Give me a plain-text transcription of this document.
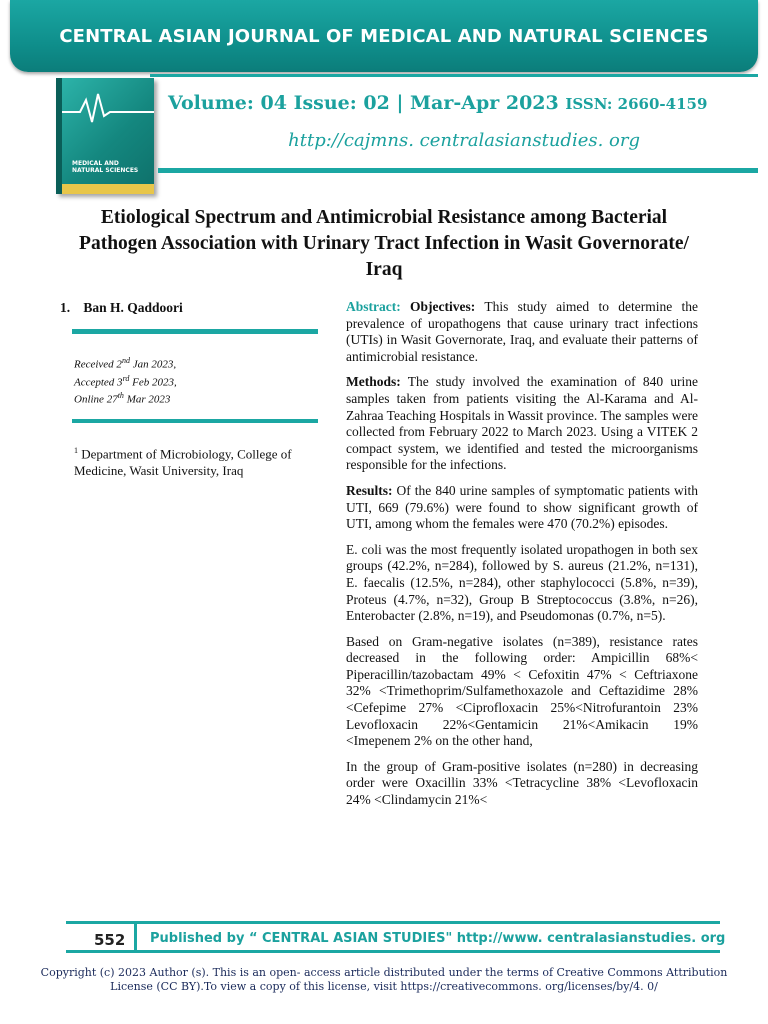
CENTRAL ASIAN JOURNAL OF MEDICAL AND NATURAL SCIENCES
MEDICAL AND NATURAL SCIENCES
Volume: 04 Issue: 02 | Mar-Apr 2023 ISSN: 2660-4159
http://cajmns. centralasianstudies. org
Etiological Spectrum and Antimicrobial Resistance among Bacterial Pathogen Association with Urinary Tract Infection in Wasit Governorate/ Iraq
1. Ban H. Qaddoori
Received 2nd Jan 2023,
Accepted 3rd Feb 2023,
Online 27th Mar 2023
$^1$ Department of Microbiology, College of Medicine, Wasit University, Iraq

Abstract: Objectives: This study aimed to determine the prevalence of uropathogens that cause urinary tract infections (UTIs) in Wasit Governorate, Iraq, and evaluate their patterns of antimicrobial resistance.

Methods: The study involved the examination of 840 urine samples taken from patients visiting the Al-Karama and Al-Zahraa Teaching Hospitals in Wassit province. The samples were collected from February 2022 to March 2023. Using a VITEK 2 compact system, we identified and tested the microorganisms responsible for the infections.

Results: Of the 840 urine samples of symptomatic patients with UTI, 669 (79.6%) were found to show significant growth of UTI, among whom the females were 470 (70.2%) episodes.

E. coli was the most frequently isolated uropathogen in both sex groups (42.2%, n=284), followed by S. aureus (21.2%, n=131), E. faecalis (12.5%, n=284), other staphylococci (5.8%, n=39), Proteus (4.7%, n=32), Group B Streptococcus (3.8%, n=26), Enterobacter (2.8%, n=19), and Pseudomonas (0.7%, n=5).

Based on Gram-negative isolates (n=389), resistance rates decreased in the following order: Ampicillin 68%< Piperacillin/tazobactam 49% < Cefoxitin 47% < Ceftriaxone 32% <Trimethoprim/Sulfamethoxazole and Ceftazidime 28% <Cefepime 27% <Ciprofloxacin 25%<Nitrofurantoin 23% Levofloxacin 22%<Gentamicin 21%<Amikacin 19% <Imepenem 2% on the other hand,

In the group of Gram-positive isolates (n=280) in decreasing order were Oxacillin 33% <Tetracycline 38% <Levofloxacin 24% <Clindamycin 21%<

552 Published by “ CENTRAL ASIAN STUDIES" http://www. centralasianstudies. org
Copyright (c) 2023 Author (s). This is an open- access article distributed under the terms of Creative Commons Attribution License (CC BY).To view a copy of this license, visit https://creativecommons. org/licenses/by/4. 0/
